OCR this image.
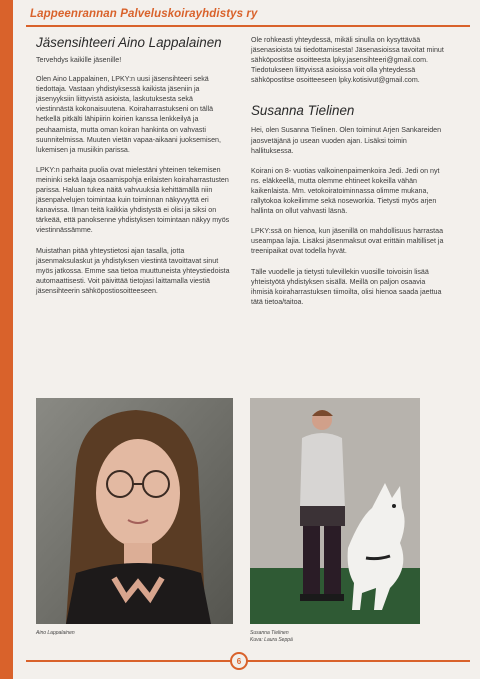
Lappeenrannan Palveluskoirayhdistys ry
Jäsensihteeri Aino Lappalainen

Tervehdys kaikille jäsenille!

Olen Aino Lappalainen, LPKY:n uusi jäsensihteeri sekä tiedottaja. Vastaan yhdistyksessä kaikista jäseniin ja jäsenyyksiin liittyvistä asioista, laskutuksesta sekä viestinnästä kokonaisuutena. Koiraharrastukseni on tällä hetkellä pitkälti lähipiirin koirien kanssa lenkkeilyä ja peuhaamista, mutta oman koiran hankinta on vahvasti suunnitelmissa. Muuten vietän vapaa-aikaani juoksemisen, lukemisen ja musiikin parissa.

LPKY:n parhaita puolia ovat mielestäni yhteinen tekemisen meininki sekä laaja osaamispohja erilaisten koiraharrastusten parissa. Haluan tukea näitä vahvuuksia kehittämällä niin jäsenpalvelujen toimintaa kuin toiminnan näkyvyyttä eri kanavissa. Ilman teitä kaikkia yhdistystä ei olisi ja siksi on tärkeää, että panoksenne yhdistyksen toimintaan näkyy myös viestinnässämme.

Muistathan pitää yhteystietosi ajan tasalla, jotta jäsenmaksulaskut ja yhdistyksen viestintä tavoittavat sinut myös jatkossa. Emme saa tietoa muuttuneista yhteystiedoista automaattisesti. Voit päivittää tietojasi laittamalla viestiä jäsensihteerin sähköpostiosoitteeseen.

Ole rohkeasti yhteydessä, mikäli sinulla on kysyttävää jäsenasioista tai tiedottamisesta! Jäsenasioissa tavoitat minut sähköpostitse osoitteesta lpky.jasensihteeri@gmail.com. Tiedotukseen liittyvissä asioissa voit olla yhteydessä sähköpostitse osoitteeseen lpky.kotisivut@gmail.com.

Susanna Tielinen

Hei, olen Susanna Tielinen. Olen toiminut Arjen Sankareiden jaosvetäjänä jo usean vuoden ajan. Lisäksi toimin hallituksessa.

Koirani on 8- vuotias valkoinenpaimenkoira Jedi. Jedi on nyt ns. eläkkeellä, mutta olemme ehtineet kokeilla vähän kaikenlaista. Mm. vetokoiratoiminnassa olimme mukana, rallytokoa kokeilimme sekä noseworkia. Tietysti myös arjen hallinta on ollut vahvasti läsnä.

LPKY:ssä on hienoa, kun jäsenillä on mahdollisuus harrastaa useampaa lajia. Lisäksi jäsenmaksut ovat erittäin maltilliset ja treenipaikat ovat todella hyvät.

Tälle vuodelle ja tietysti tulevillekin vuosille toivoisin lisää yhteistyötä yhdistyksen sisällä. Meillä on paljon osaavia ihmisiä koiraharrastuksen tiimoilta, olisi hienoa saada jaettua tätä tietoa/taitoa.

Aino Lappalainen	Susanna Tielinen
Kuva: Laura Seppä
6
